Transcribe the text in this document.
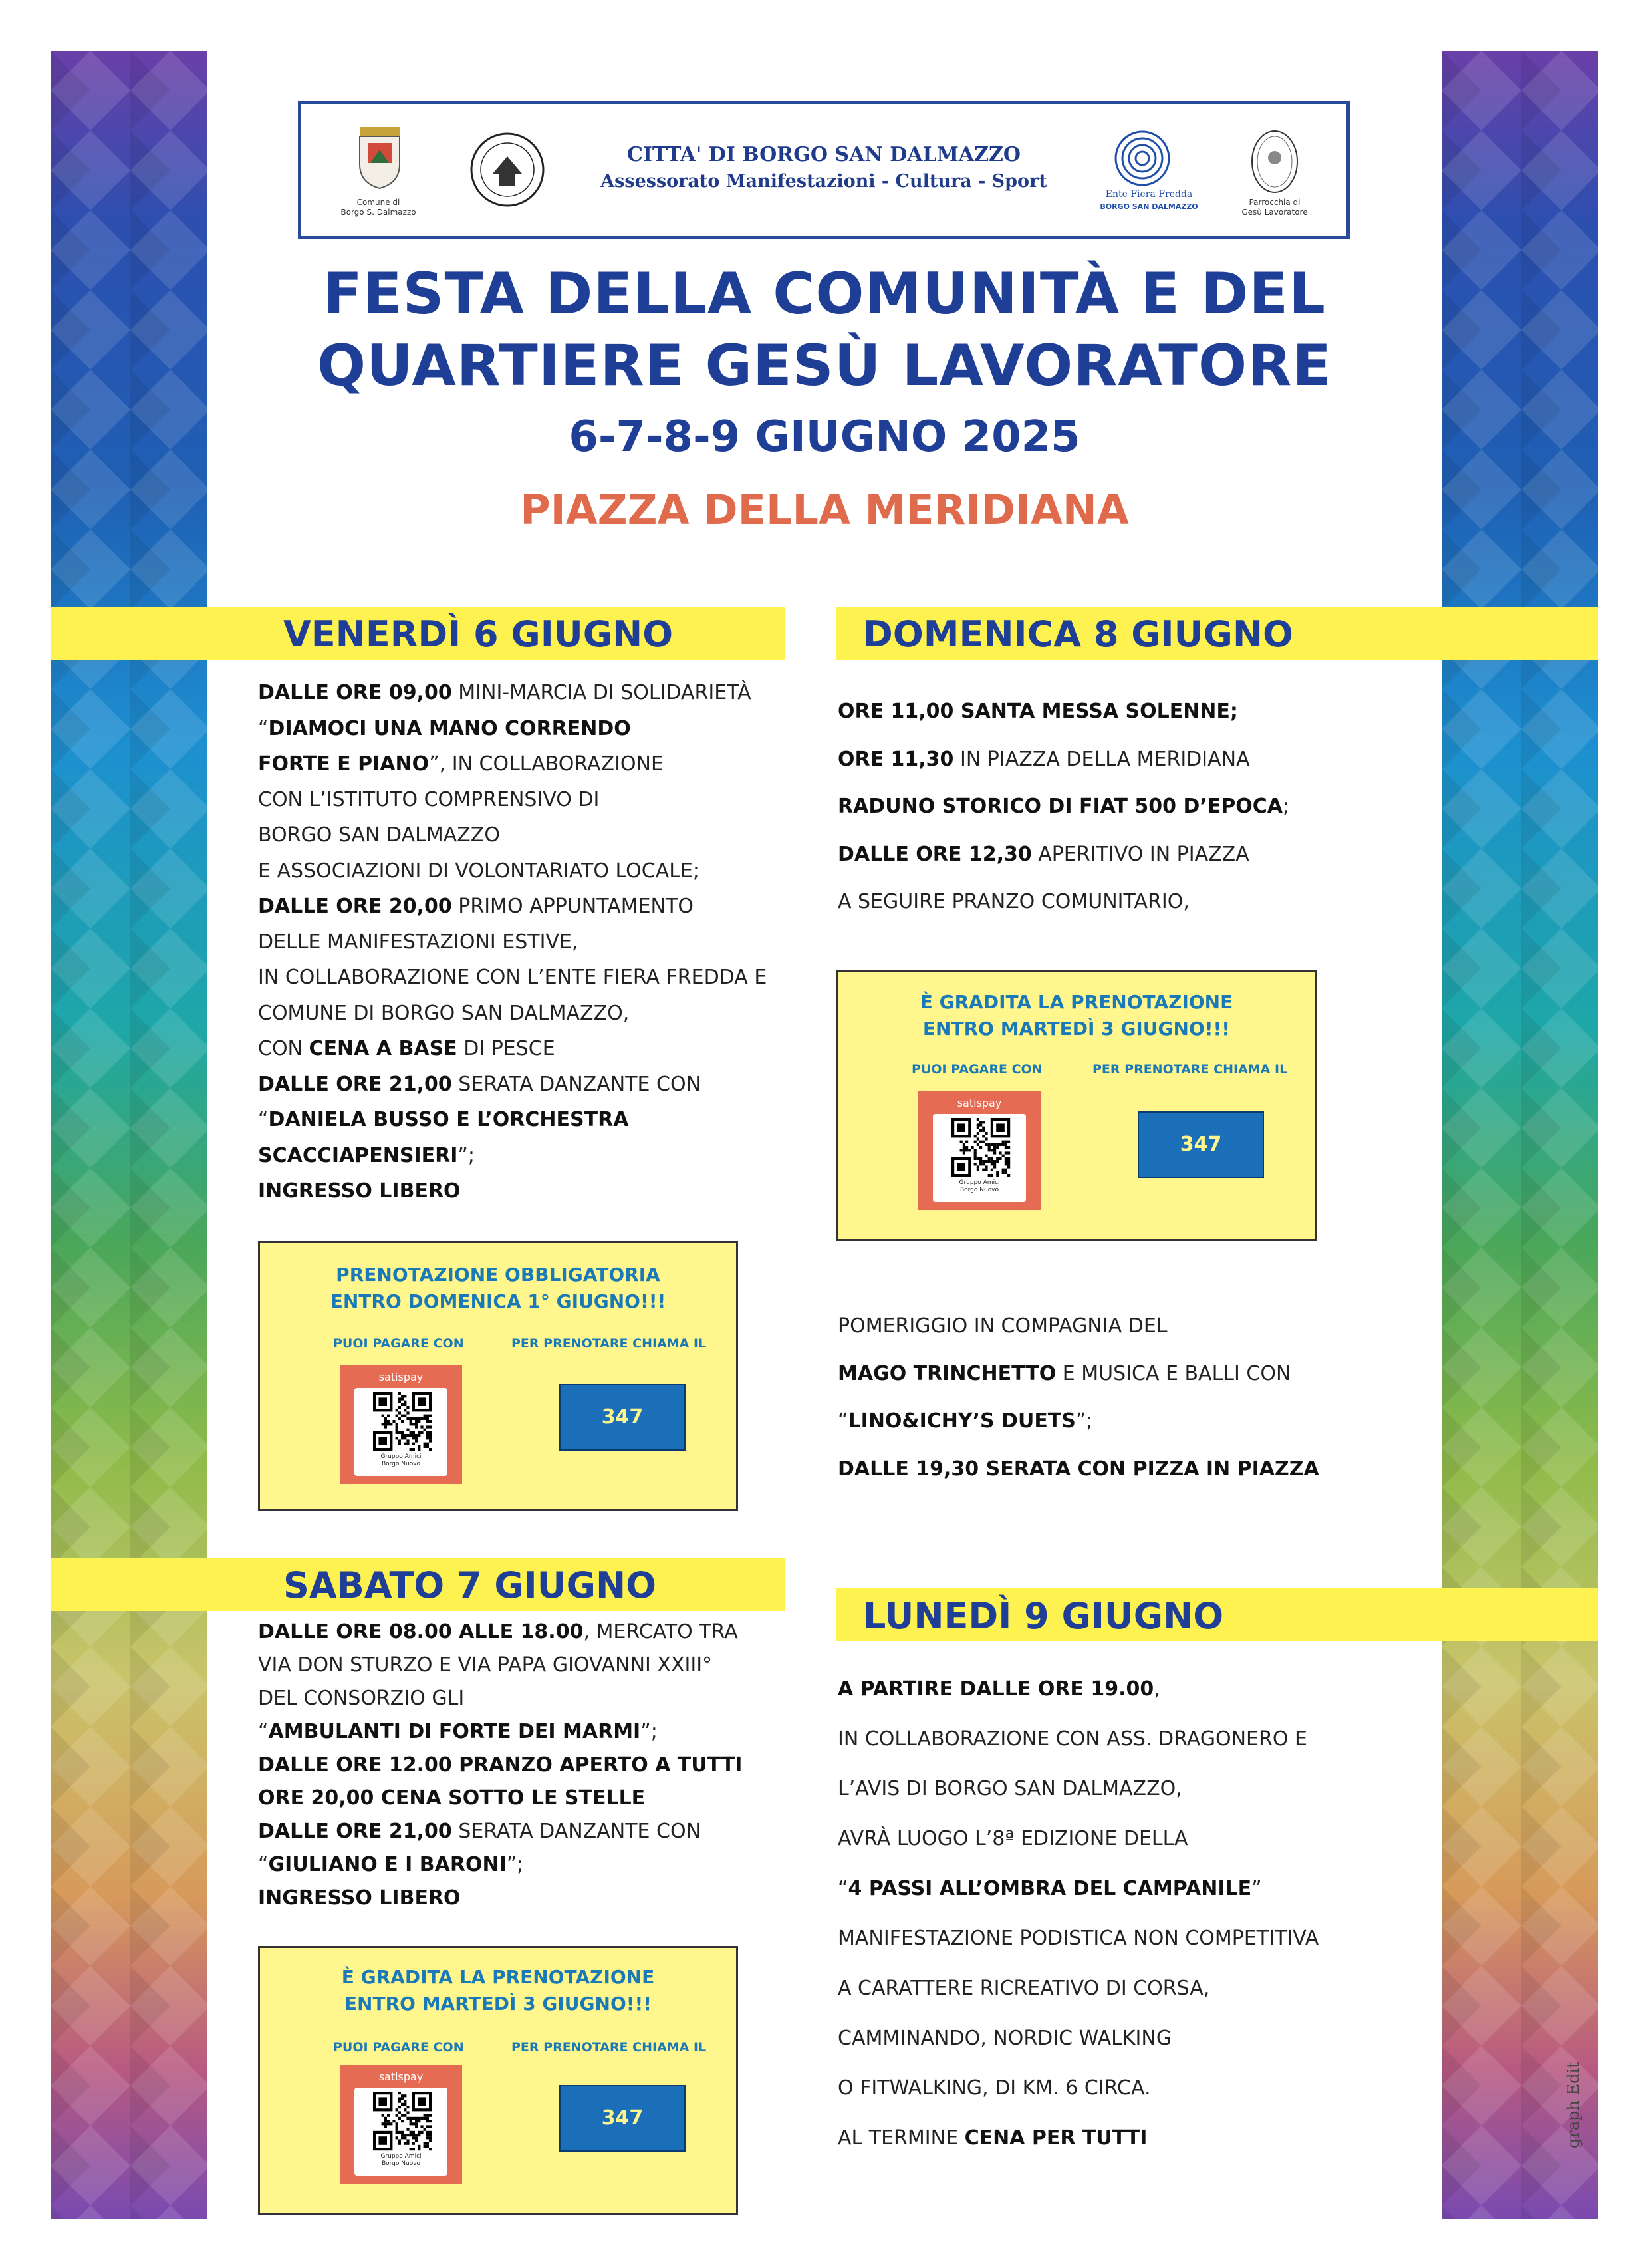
Comune di
Borgo S. Dalmazzo
CITTA' DI BORGO SAN DALMAZZO
Assessorato Manifestazioni - Cultura - Sport
Ente Fiera Fredda
BORGO SAN DALMAZZO	Parrocchia di
Gesù Lavoratore
FESTA DELLA COMUNITÀ E DEL
QUARTIERE GESÙ LAVORATORE
6-7-8-9 GIUGNO 2025
PIAZZA DELLA MERIDIANA
VENERDÌ 6 GIUGNO	DOMENICA 8 GIUGNO
SABATO 7 GIUGNO
LUNEDÌ 9 GIUGNO
DALLE ORE 09,00 MINI-MARCIA DI SOLIDARIETÀ
“DIAMOCI UNA MANO CORRENDO
FORTE E PIANO”, IN COLLABORAZIONE
CON L’ISTITUTO COMPRENSIVO DI
BORGO SAN DALMAZZO
E ASSOCIAZIONI DI VOLONTARIATO LOCALE;
DALLE ORE 20,00 PRIMO APPUNTAMENTO
DELLE MANIFESTAZIONI ESTIVE,
IN COLLABORAZIONE CON L’ENTE FIERA FREDDA E
COMUNE DI BORGO SAN DALMAZZO,
CON CENA A BASE DI PESCE
DALLE ORE 21,00 SERATA DANZANTE CON
“DANIELA BUSSO E L’ORCHESTRA
SCACCIAPENSIERI”;
INGRESSO LIBERO
DALLE ORE 08.00 ALLE 18.00, MERCATO TRA
VIA DON STURZO E VIA PAPA GIOVANNI XXIII°
DEL CONSORZIO GLI
“AMBULANTI DI FORTE DEI MARMI”;
DALLE ORE 12.00 PRANZO APERTO A TUTTI
ORE 20,00 CENA SOTTO LE STELLE
DALLE ORE 21,00 SERATA DANZANTE CON
“GIULIANO E I BARONI”;
INGRESSO LIBERO
ORE 11,00 SANTA MESSA SOLENNE;
ORE 11,30 IN PIAZZA DELLA MERIDIANA
RADUNO STORICO DI FIAT 500 D’EPOCA;
DALLE ORE 12,30 APERITIVO IN PIAZZA
A SEGUIRE PRANZO COMUNITARIO,
POMERIGGIO IN COMPAGNIA DEL
MAGO TRINCHETTO E MUSICA E BALLI CON
“LINO&ICHY’S DUETS”;
DALLE 19,30 SERATA CON PIZZA IN PIAZZA
A PARTIRE DALLE ORE 19.00,
IN COLLABORAZIONE CON ASS. DRAGONERO E
L’AVIS DI BORGO SAN DALMAZZO,
AVRÀ LUOGO L’8ª EDIZIONE DELLA
“4 PASSI ALL’OMBRA DEL CAMPANILE”
MANIFESTAZIONE PODISTICA NON COMPETITIVA
A CARATTERE RICREATIVO DI CORSA,
CAMMINANDO, NORDIC WALKING
O FITWALKING, DI KM. 6 CIRCA.
AL TERMINE CENA PER TUTTI
PRENOTAZIONE OBBLIGATORIA
ENTRO DOMENICA 1° GIUGNO!!!
PUOI PAGARE CON	PER PRENOTARE CHIAMA IL
satispay
Gruppo Amici
Borgo Nuovo
347 4968599
È GRADITA LA PRENOTAZIONE
ENTRO MARTEDÌ 3 GIUGNO!!!
PUOI PAGARE CON	PER PRENOTARE CHIAMA IL
satispay
Gruppo Amici
Borgo Nuovo
347 4968599
È GRADITA LA PRENOTAZIONE
ENTRO MARTEDÌ 3 GIUGNO!!!
PUOI PAGARE CON	PER PRENOTARE CHIAMA IL
satispay
Gruppo Amici
Borgo Nuovo
347 4968599
graph Edit
